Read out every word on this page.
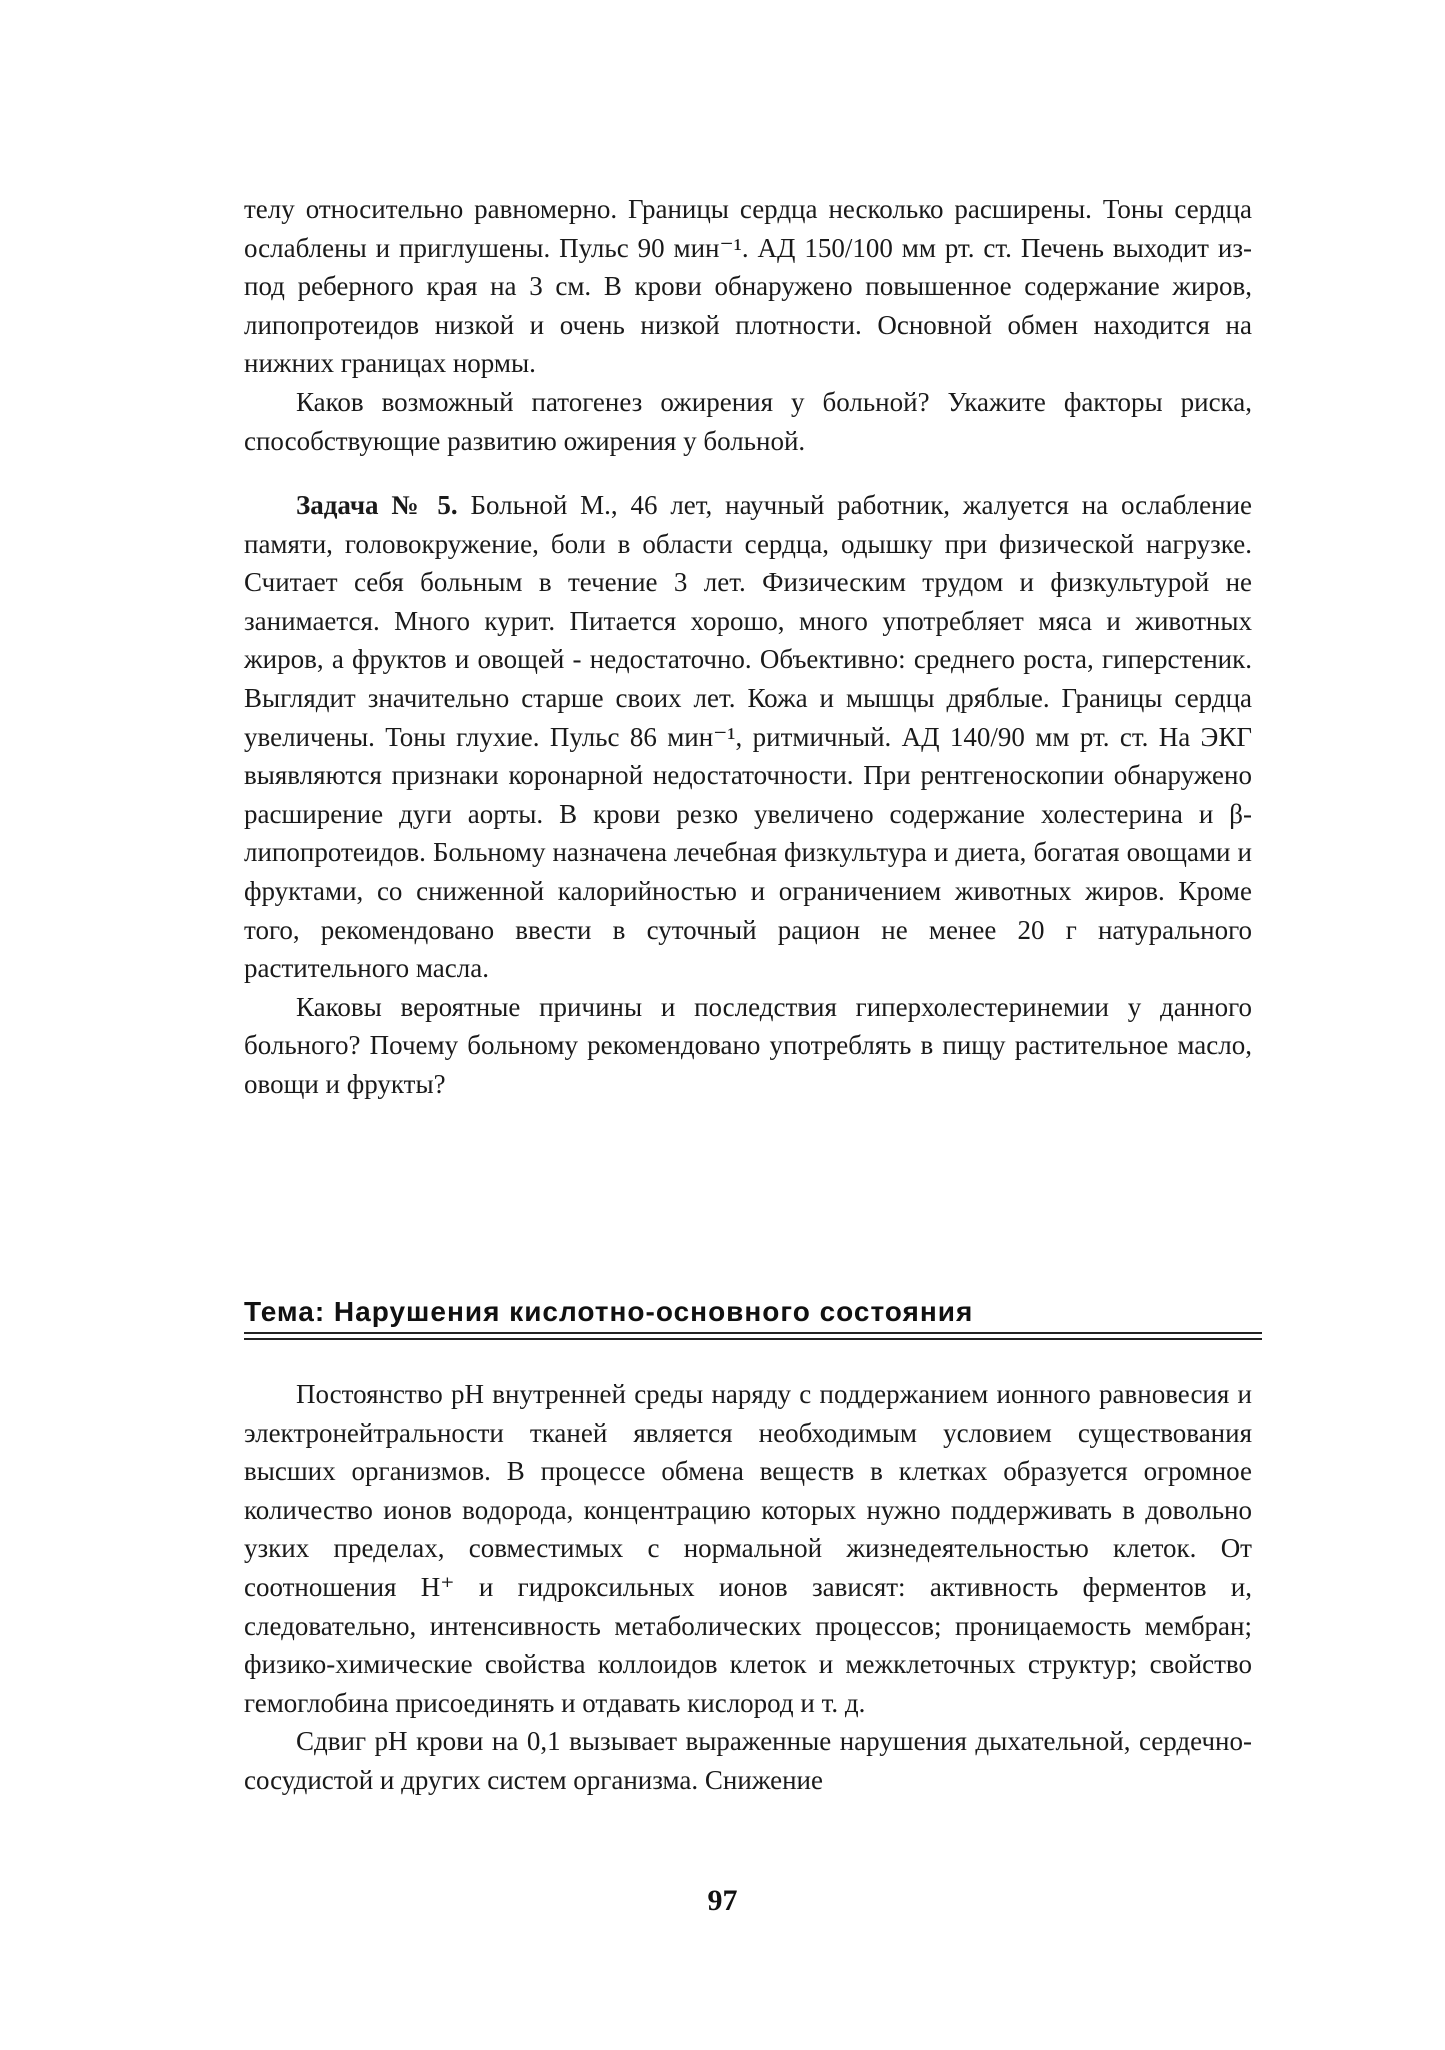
телу относительно равномерно. Границы сердца несколько расширены. Тоны сердца ослаблены и приглушены. Пульс 90 мин⁻¹. АД 150/100 мм рт. ст. Печень выходит из-под реберного края на 3 см. В крови обнаружено повышенное содержание жиров, липопротеидов низкой и очень низкой плотности. Основной обмен находится на нижних границах нормы.

Каков возможный патогенез ожирения у больной? Укажите факторы риска, способствующие развитию ожирения у больной.

Задача № 5. Больной М., 46 лет, научный работник, жалуется на ослабление памяти, головокружение, боли в области сердца, одышку при физической нагрузке. Считает себя больным в течение 3 лет. Физическим трудом и физкультурой не занимается. Много курит. Питается хорошо, много употребляет мяса и животных жиров, а фруктов и овощей - недостаточно. Объективно: среднего роста, гиперстеник. Выглядит значительно старше своих лет. Кожа и мышцы дряблые. Границы сердца увеличены. Тоны глухие. Пульс 86 мин⁻¹, ритмичный. АД 140/90 мм рт. ст. На ЭКГ выявляются признаки коронарной недостаточности. При рентгеноскопии обнаружено расширение дуги аорты. В крови резко увеличено содержание холестерина и β-липопротеидов. Больному назначена лечебная физкультура и диета, богатая овощами и фруктами, со сниженной калорийностью и ограничением животных жиров. Кроме того, рекомендовано ввести в суточный рацион не менее 20 г натурального растительного масла.

Каковы вероятные причины и последствия гиперхолестеринемии у данного больного? Почему больному рекомендовано употреблять в пищу растительное масло, овощи и фрукты?

Тема: Нарушения кислотно-основного состояния

Постоянство pH внутренней среды наряду с поддержанием ионного равновесия и электронейтральности тканей является необходимым условием существования высших организмов. В процессе обмена веществ в клетках образуется огромное количество ионов водорода, концентрацию которых нужно поддерживать в довольно узких пределах, совместимых с нормальной жизнедеятельностью клеток. От соотношения H⁺ и гидроксильных ионов зависят: активность ферментов и, следовательно, интенсивность метаболических процессов; проницаемость мембран; физико-химические свойства коллоидов клеток и межклеточных структур; свойство гемоглобина присоединять и отдавать кислород и т. д.

Сдвиг pH крови на 0,1 вызывает выраженные нарушения дыхательной, сердечно-сосудистой и других систем организма. Снижение

97
